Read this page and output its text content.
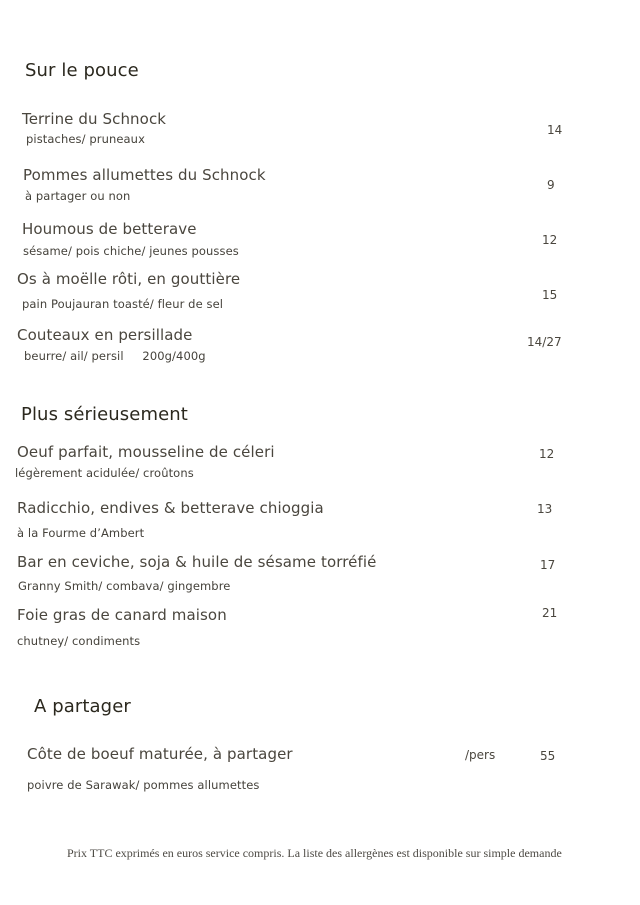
Sur le pouce
Terrine du Schnock
pistaches/ pruneaux
14
Pommes allumettes du Schnock
à partager ou non
9
Houmous de betterave
sésame/ pois chiche/ jeunes pousses
12
Os à moëlle rôti, en gouttière
pain Poujauran toasté/ fleur de sel
15
Couteaux en persillade
beurre/ ail/ persil     200g/400g
14/27
Plus sérieusement
Oeuf parfait, mousseline de céleri
légèrement acidulée/ croûtons
12
Radicchio, endives & betterave chioggia
à la Fourme d’Ambert
13
Bar en ceviche, soja & huile de sésame torréfié
Granny Smith/ combava/ gingembre
17
Foie gras de canard maison
chutney/ condiments
21
A partager
Côte de boeuf maturée, à partager
poivre de Sarawak/ pommes allumettes
/pers	55
Prix TTC exprimés en euros service compris. La liste des allergènes est disponible sur simple demande
